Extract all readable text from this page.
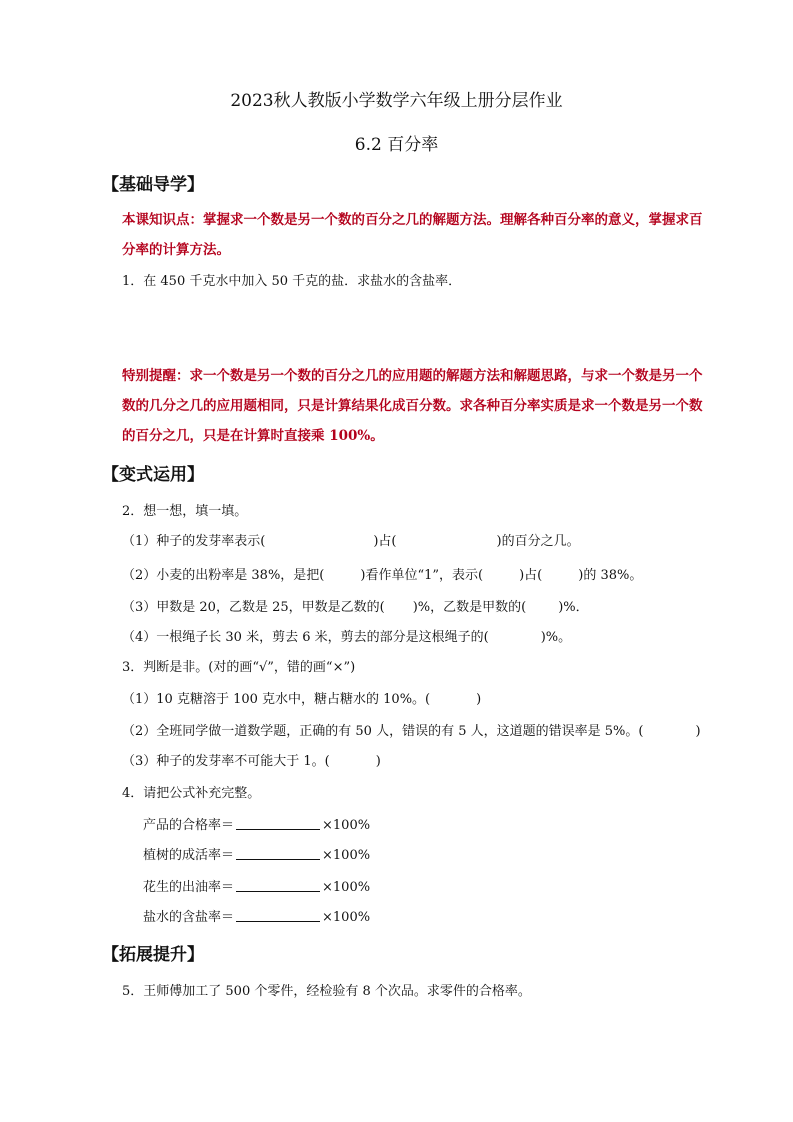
2023秋人教版小学数学六年级上册分层作业
6.2 百分率
【基础导学】
本课知识点：掌握求一个数是另一个数的百分之几的解题方法。理解各种百分率的意义，掌握求百
分率的计算方法。
1．在 450 千克水中加入 50 千克的盐．求盐水的含盐率．
特别提醒：求一个数是另一个数的百分之几的应用题的解题方法和解题思路，与求一个数是另一个
数的几分之几的应用题相同，只是计算结果化成百分数。求各种百分率实质是求一个数是另一个数
的百分之几，只是在计算时直接乘 100%。
【变式运用】
2．想一想，填一填。
（1）种子的发芽率表示(	)占(	)的百分之几。
（2）小麦的出粉率是 38%，是把(	)看作单位“1”，表示(	)占(	)的 38%。
（3）甲数是 20，乙数是 25，甲数是乙数的( )%，乙数是甲数的( )%．
（4）一根绳子长 30 米，剪去 6 米，剪去的部分是这根绳子的(	)%。
3．判断是非。(对的画“√”，错的画“×”)
（1）10 克糖溶于 100 克水中，糖占糖水的 10%。(	)
（2）全班同学做一道数学题，正确的有 50 人，错误的有 5 人，这道题的错误率是 5%。(	)
（3）种子的发芽率不可能大于 1。(	)
4．请把公式补充完整。
产品的合格率＝	×100%
植树的成活率＝	×100%
花生的出油率＝	×100%
盐水的含盐率＝	×100%
【拓展提升】
5．王师傅加工了 500 个零件，经检验有 8 个次品。求零件的合格率。
